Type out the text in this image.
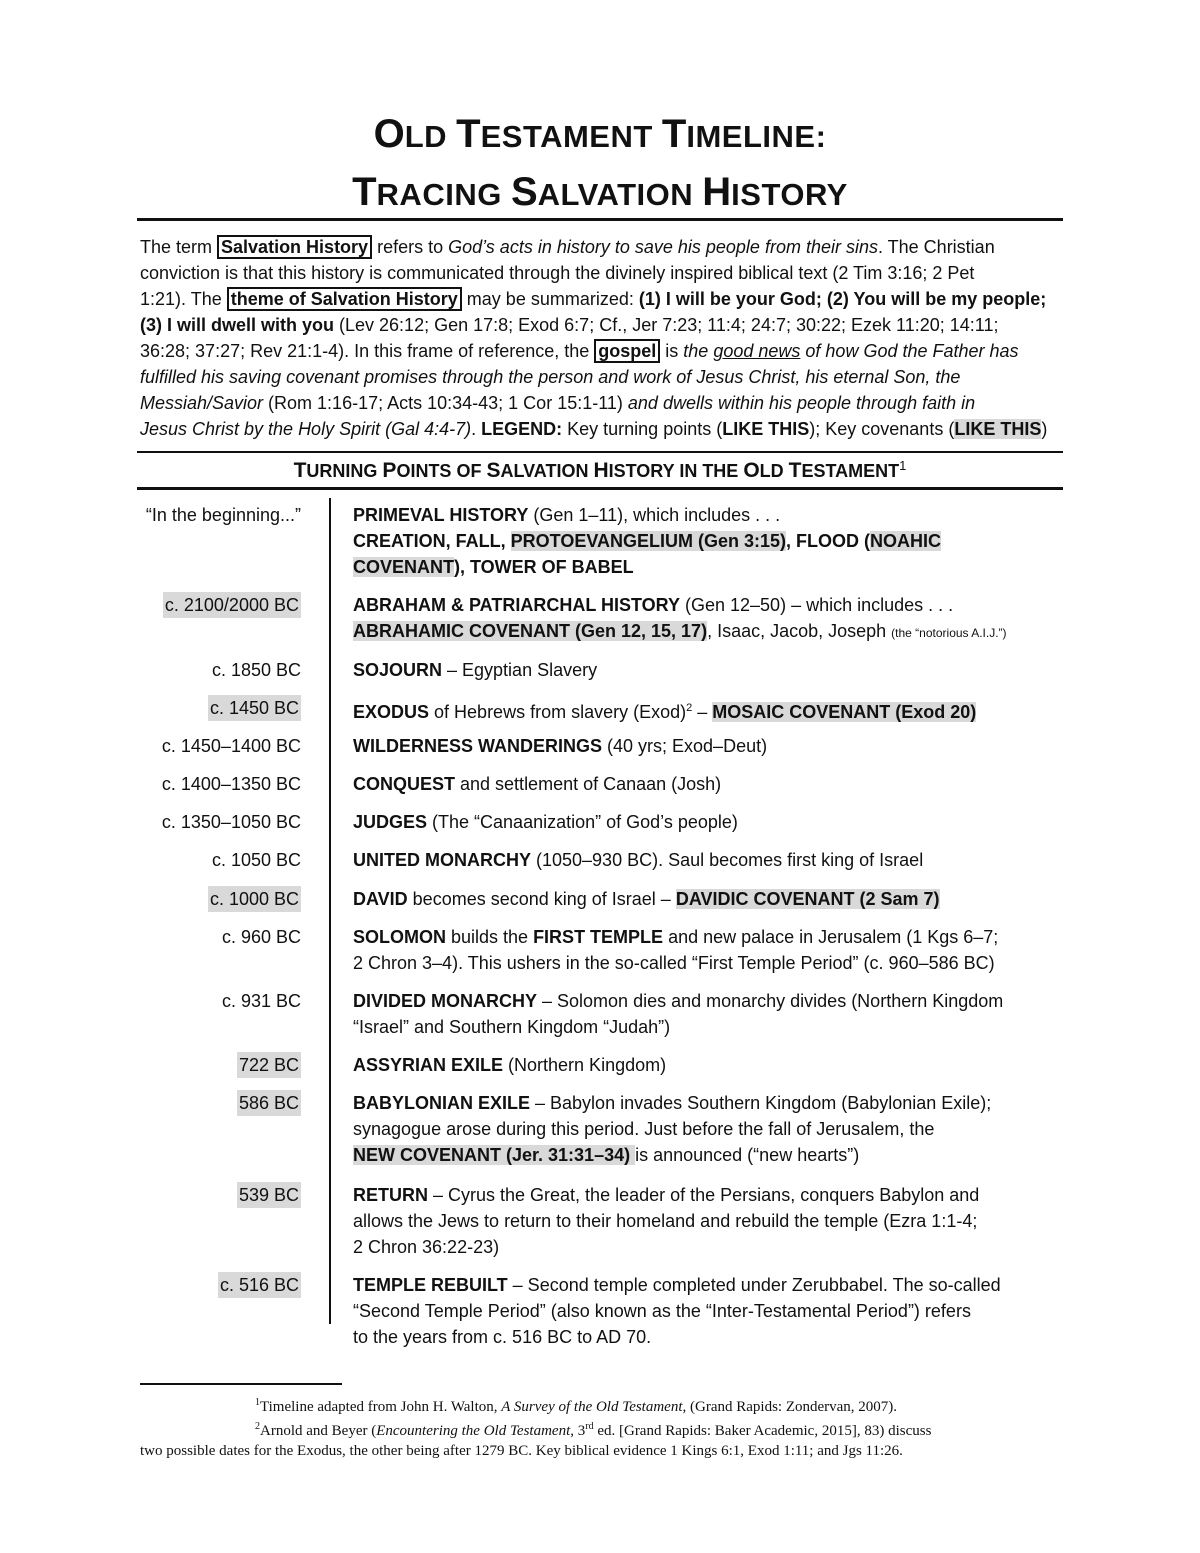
OLD TESTAMENT TIMELINE:
TRACING SALVATION HISTORY
The term Salvation History refers to God’s acts in history to save his people from their sins. The Christian
conviction is that this history is communicated through the divinely inspired biblical text (2 Tim 3:16; 2 Pet
1:21). The theme of Salvation History may be summarized: (1) I will be your God; (2) You will be my people;
(3) I will dwell with you (Lev 26:12; Gen 17:8; Exod 6:7; Cf., Jer 7:23; 11:4; 24:7; 30:22; Ezek 11:20; 14:11;
36:28; 37:27; Rev 21:1-4). In this frame of reference, the gospel is the good news of how God the Father has
fulfilled his saving covenant promises through the person and work of Jesus Christ, his eternal Son, the
Messiah/Savior (Rom 1:16-17; Acts 10:34-43; 1 Cor 15:1-11) and dwells within his people through faith in
Jesus Christ by the Holy Spirit (Gal 4:4-7). LEGEND: Key turning points (LIKE THIS); Key covenants (LIKE THIS)
TURNING POINTS OF SALVATION HISTORY IN THE OLD TESTAMENT$^1$
“In the beginning...”	PRIMEVAL HISTORY (Gen 1–11), which includes . . .
CREATION, FALL, PROTOEVANGELIUM (Gen 3:15), FLOOD (NOAHIC
COVENANT), TOWER OF BABEL
c. 2100/2000 BC	ABRAHAM & PATRIARCHAL HISTORY (Gen 12–50) – which includes . . .
ABRAHAMIC COVENANT (Gen 12, 15, 17), Isaac, Jacob, Joseph (the “notorious A.I.J.”)
c. 1850 BC	SOJOURN – Egyptian Slavery
c. 1450 BC	EXODUS of Hebrews from slavery (Exod)$^2$ – MOSAIC COVENANT (Exod 20)
c. 1450–1400 BC	WILDERNESS WANDERINGS (40 yrs; Exod–Deut)
c. 1400–1350 BC	CONQUEST and settlement of Canaan (Josh)
c. 1350–1050 BC	JUDGES (The “Canaanization” of God’s people)
c. 1050 BC	UNITED MONARCHY (1050–930 BC). Saul becomes first king of Israel
c. 1000 BC	DAVID becomes second king of Israel – DAVIDIC COVENANT (2 Sam 7)
c. 960 BC	SOLOMON builds the FIRST TEMPLE and new palace in Jerusalem (1 Kgs 6–7;
2 Chron 3–4). This ushers in the so-called “First Temple Period” (c. 960–586 BC)
c. 931 BC	DIVIDED MONARCHY – Solomon dies and monarchy divides (Northern Kingdom
“Israel” and Southern Kingdom “Judah”)
722 BC	ASSYRIAN EXILE (Northern Kingdom)
586 BC	BABYLONIAN EXILE – Babylon invades Southern Kingdom (Babylonian Exile);
synagogue arose during this period. Just before the fall of Jerusalem, the
NEW COVENANT (Jer. 31:31–34) is announced (“new hearts”)
539 BC	RETURN – Cyrus the Great, the leader of the Persians, conquers Babylon and
allows the Jews to return to their homeland and rebuild the temple (Ezra 1:1-4;
2 Chron 36:22-23)
c. 516 BC	TEMPLE REBUILT – Second temple completed under Zerubbabel. The so-called
“Second Temple Period” (also known as the “Inter-Testamental Period”) refers
to the years from c. 516 BC to AD 70.
$^1$Timeline adapted from John H. Walton, A Survey of the Old Testament, (Grand Rapids: Zondervan, 2007).
$^2$Arnold and Beyer (Encountering the Old Testament, 3rd ed. [Grand Rapids: Baker Academic, 2015], 83) discuss
two possible dates for the Exodus, the other being after 1279 BC. Key biblical evidence 1 Kings 6:1, Exod 1:11; and Jgs 11:26.
